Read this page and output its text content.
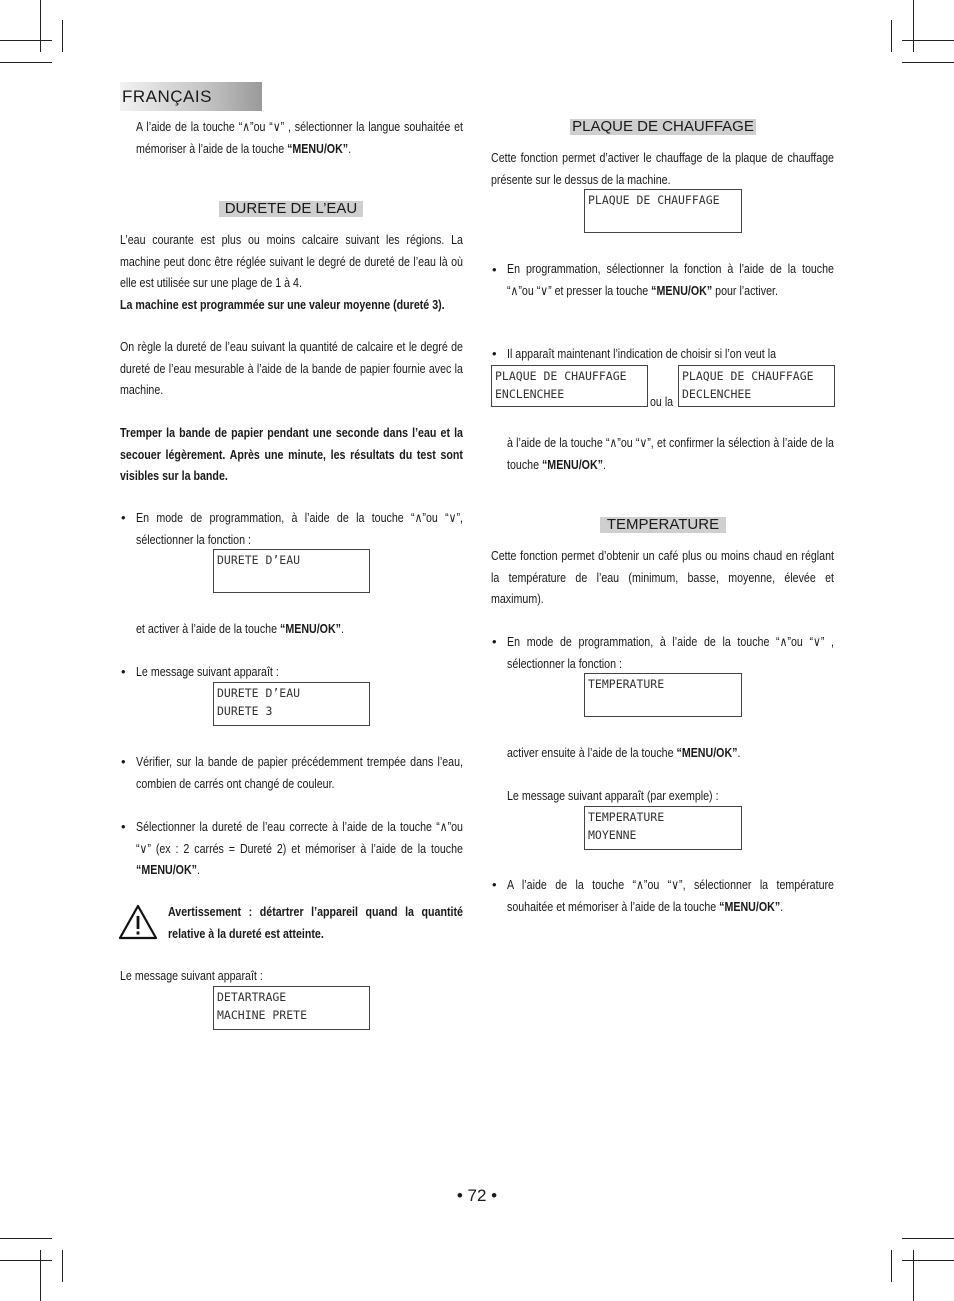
FRANÇAIS
A l’aide de la touche “∧”ou “∨” , sélectionner la langue souhaitée et mémoriser à l’aide de la touche “MENU/OK”.
DURETE DE L’EAU
L’eau courante est plus ou moins calcaire suivant les régions. La machine peut donc être réglée suivant le degré de dureté de l’eau là où elle est utilisée sur une plage de 1 à 4.
La machine est programmée sur une valeur moyenne (dureté 3).
On règle la dureté de l’eau suivant la quantité de calcaire et le degré de dureté de l’eau mesurable à l’aide de la bande de papier fournie avec la machine.
Tremper la bande de papier pendant une seconde dans l’eau et la secouer légèrement. Après une minute, les résultats du test sont visibles sur la bande.
• En mode de programmation, à l’aide de la touche “∧”ou “∨”, sélectionner la fonction :
DURETE D’EAU
et activer à l’aide de la touche “MENU/OK”.
• Le message suivant apparaît :
DURETE D’EAU
DURETE 3
• Vérifier, sur la bande de papier précédemment trempée dans l’eau, combien de carrés ont changé de couleur.
• Sélectionner la dureté de l’eau correcte à l’aide de la touche “∧”ou “∨” (ex : 2 carrés = Dureté 2) et mémoriser à l’aide de la touche “MENU/OK”.
Avertissement : détartrer l’appareil quand la quantité relative à la dureté est atteinte.
Le message suivant apparaît :
DETARTRAGE
MACHINE PRETE
PLAQUE DE CHAUFFAGE
Cette fonction permet d’activer le chauffage de la plaque de chauffage présente sur le dessus de la machine.
PLAQUE DE CHAUFFAGE
• En programmation, sélectionner la fonction à l’aide de la touche “∧”ou “∨” et presser la touche “MENU/OK” pour l’activer.
• Il apparaît maintenant l’indication de choisir si l’on veut la
PLAQUE DE CHAUFFAGE
ENCLENCHEE	ou la
PLAQUE DE CHAUFFAGE
DECLENCHEE
à l’aide de la touche “∧”ou “∨”, et confirmer la sélection à l’aide de la touche “MENU/OK”.
TEMPERATURE
Cette fonction permet d’obtenir un café plus ou moins chaud en réglant la température de l’eau (minimum, basse, moyenne, élevée et maximum).
• En mode de programmation, à l’aide de la touche “∧”ou “∨” , sélectionner la fonction :
TEMPERATURE
activer ensuite à l’aide de la touche “MENU/OK”.
Le message suivant apparaît (par exemple) :
TEMPERATURE
MOYENNE
• A l’aide de la touche “∧”ou “∨”, sélectionner la température souhaitée et mémoriser à l’aide de la touche “MENU/OK”.
• 72 •
